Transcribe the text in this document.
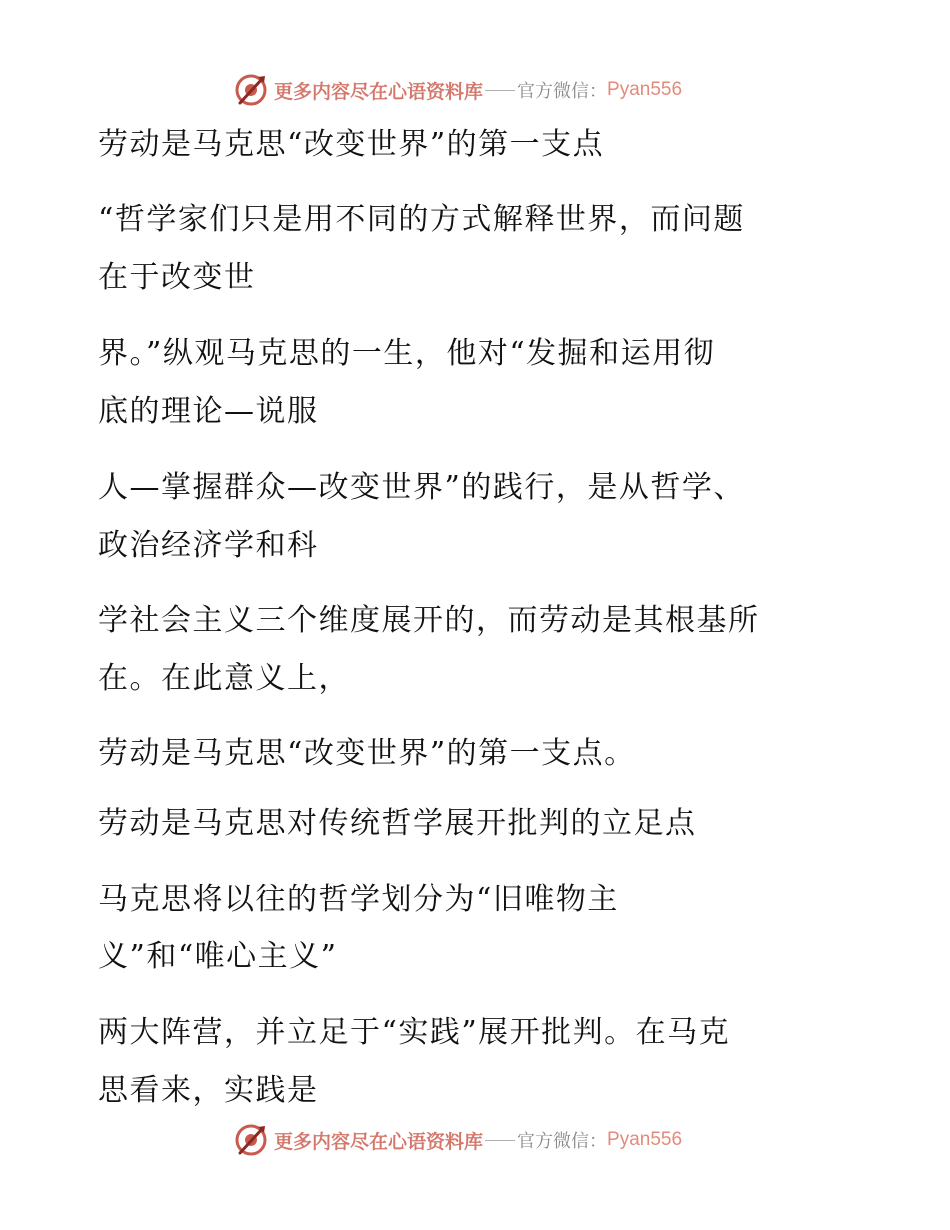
更多内容尽在心语资料库 官方微信： Pyan556
劳动是马克思“改变世界”的第一支点
“哲学家们只是用不同的方式解释世界，而问题
在于改变世
界。”纵观马克思的一生，他对“发掘和运用彻
底的理论—说服
人—掌握群众—改变世界”的践行，是从哲学、
政治经济学和科
学社会主义三个维度展开的，而劳动是其根基所
在。在此意义上，
劳动是马克思“改变世界”的第一支点。
劳动是马克思对传统哲学展开批判的立足点
马克思将以往的哲学划分为“旧唯物主
义”和“唯心主义”
两大阵营，并立足于“实践”展开批判。在马克
思看来，实践是
更多内容尽在心语资料库 官方微信： Pyan556
